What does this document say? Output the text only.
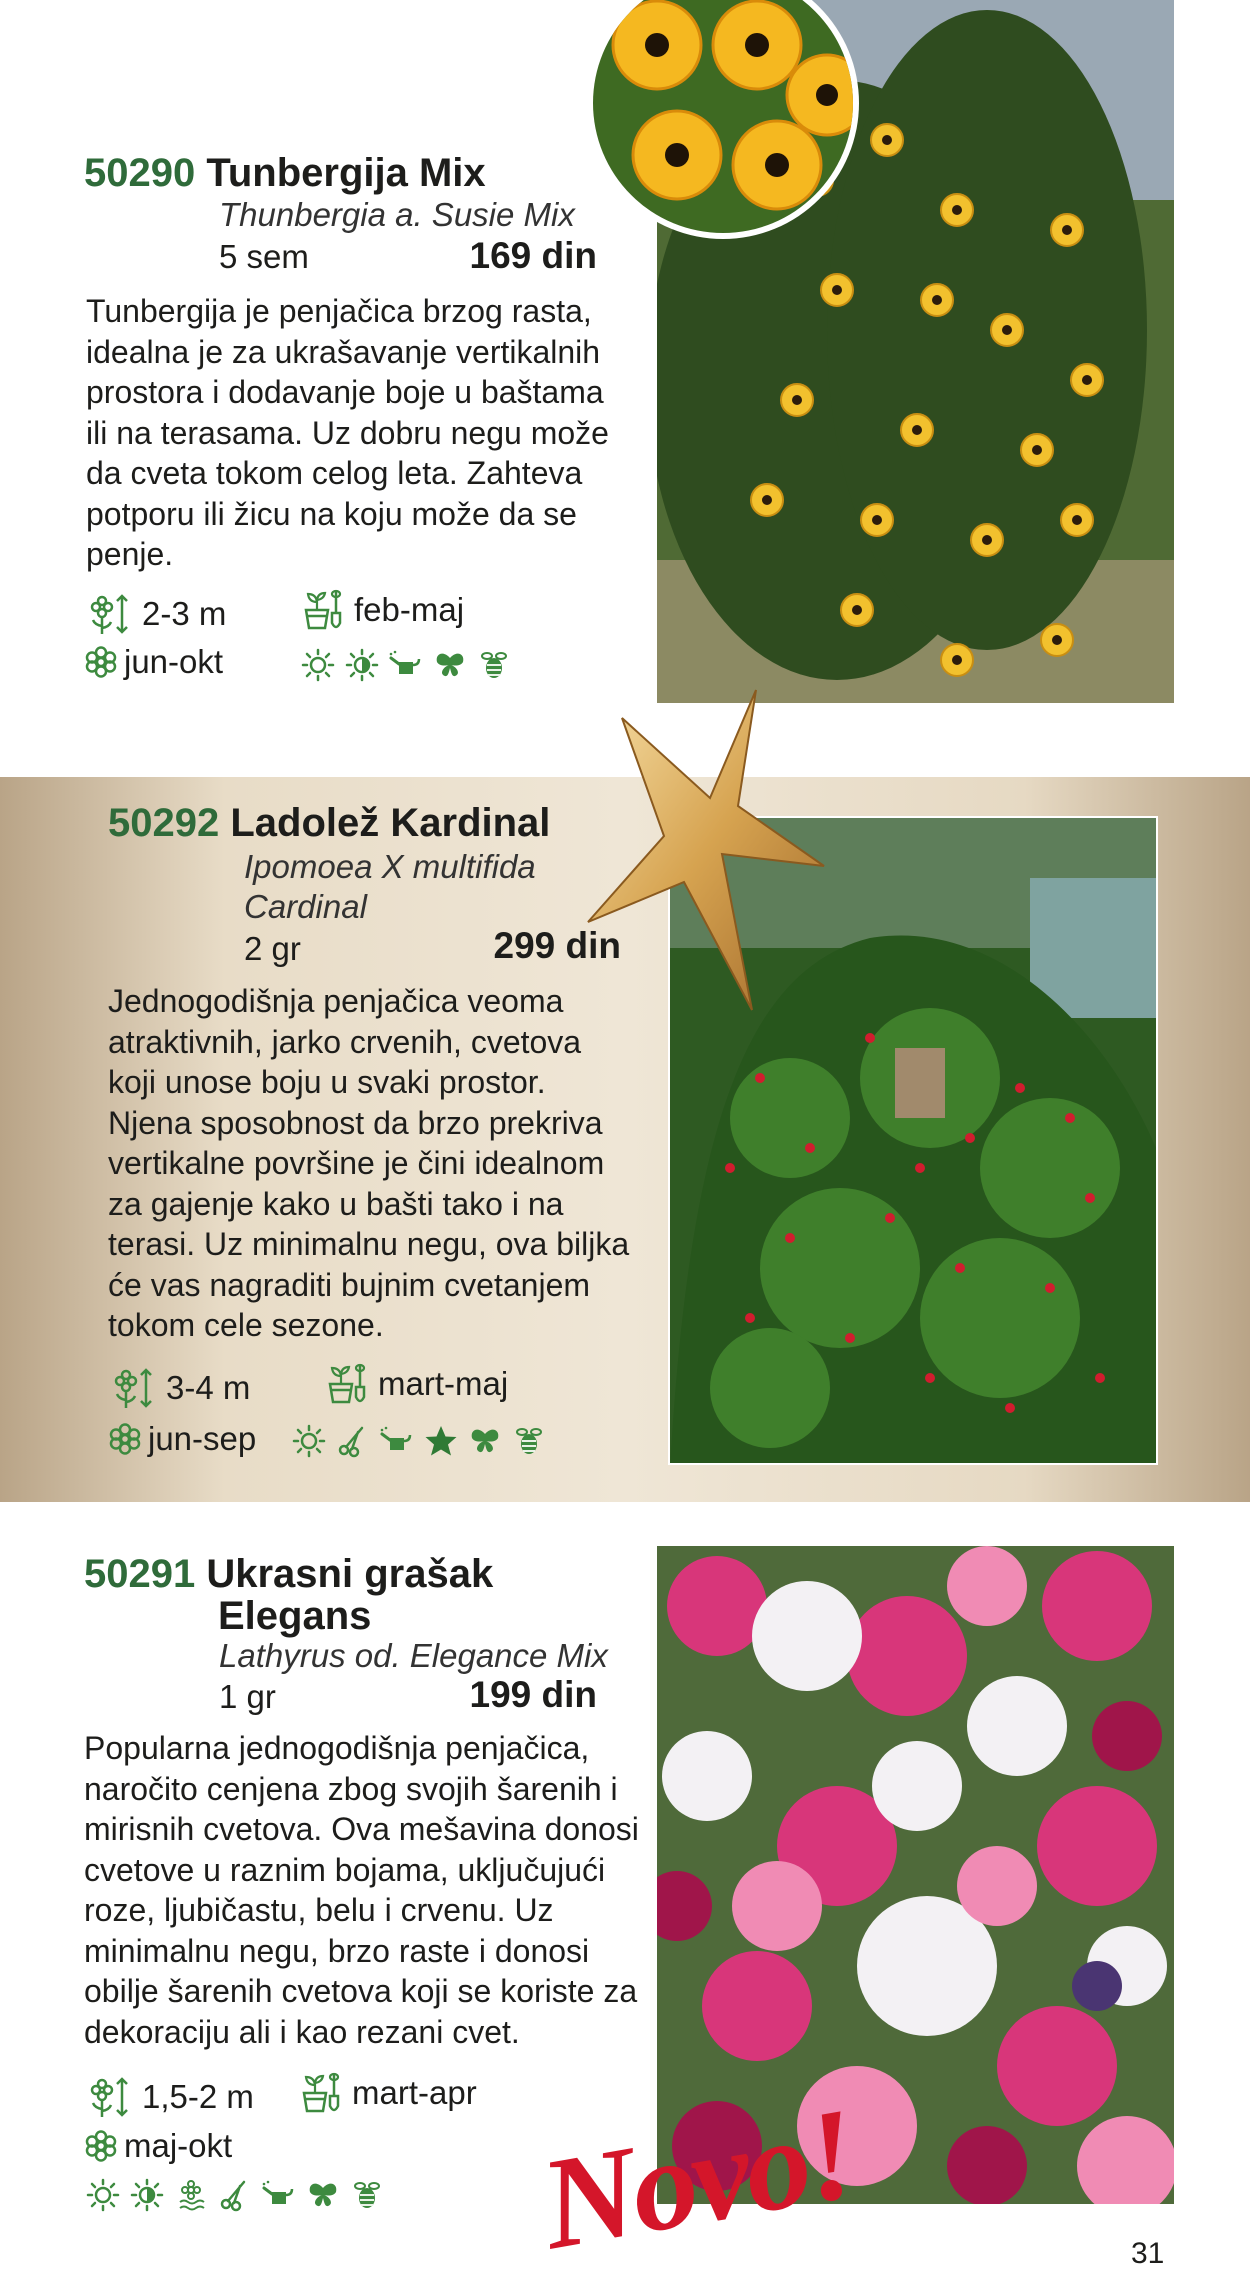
50290 Tunbergija Mix
Thunbergia a. Susie Mix
5 sem	169 din
Tunbergija je penjačica brzog rasta,
idealna je za ukrašavanje vertikalnih
prostora i dodavanje boje u baštama
ili na terasama. Uz dobru negu može
da cveta tokom celog leta. Zahteva
potporu ili žicu na koju može da se
penje.
2-3 m	feb-maj
jun-okt
50292 Ladolež Kardinal
Ipomoea X multifida
Cardinal
2 gr	299 din
Jednogodišnja penjačica veoma
atraktivnih, jarko crvenih, cvetova
koji unose boju u svaki prostor.
Njena sposobnost da brzo prekriva
vertikalne površine je čini idealnom
za gajenje kako u bašti tako i na
terasi. Uz minimalnu negu, ova biljka
će vas nagraditi bujnim cvetanjem
tokom cele sezone.
3-4 m	mart-maj
jun-sep
50291 Ukrasni grašak
Elegans
Lathyrus od. Elegance Mix
1 gr	199 din
Popularna jednogodišnja penjačica,
naročito cenjena zbog svojih šarenih i
mirisnih cvetova. Ova mešavina donosi
cvetove u raznim bojama, uključujući
roze, ljubičastu, belu i crvenu. Uz
minimalnu negu, brzo raste i donosi
obilje šarenih cvetova koji se koriste za
dekoraciju ali i kao rezani cvet.
1,5-2 m	mart-apr
maj-okt Novo!	31
